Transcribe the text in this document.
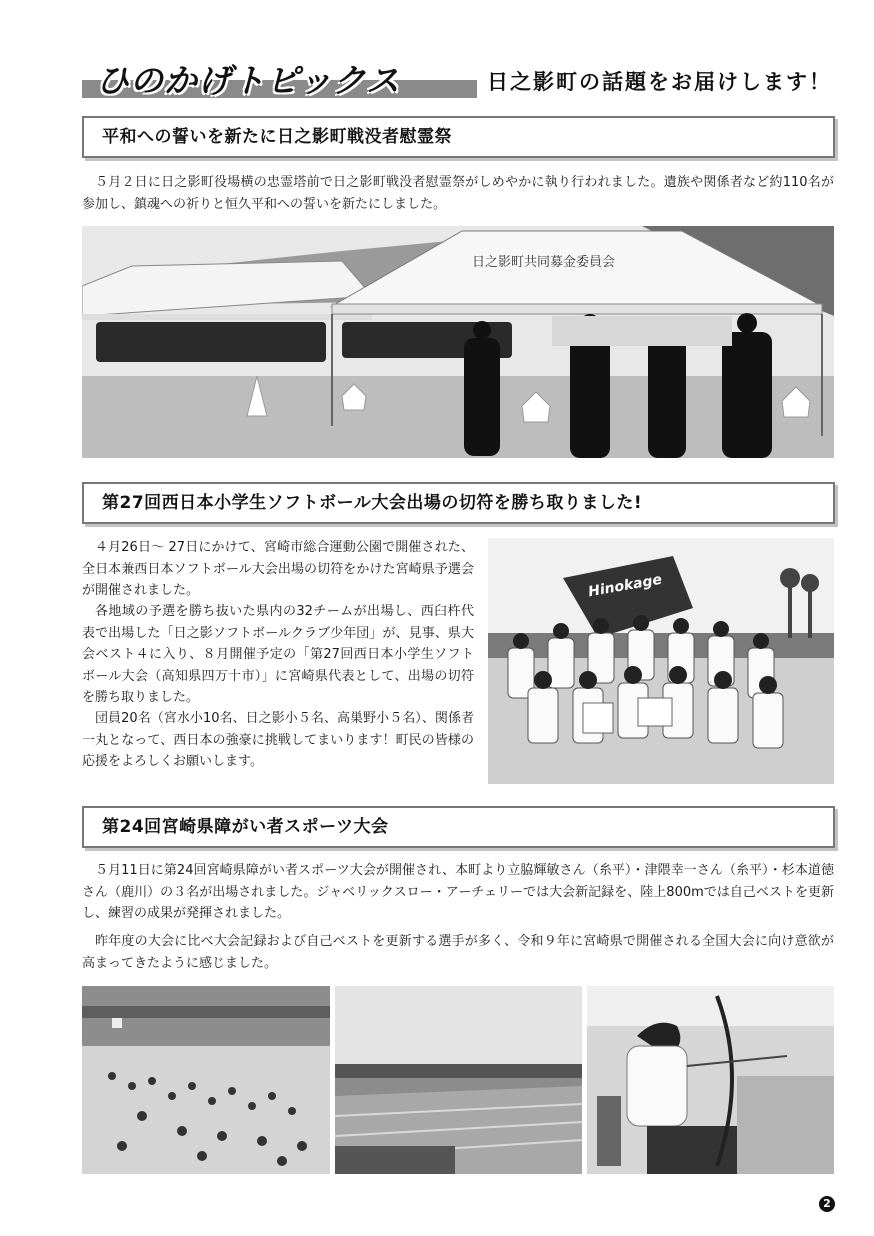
ひのかげトピックス	日之影町の話題をお届けします！
平和への誓いを新たに日之影町戦没者慰霊祭
５月２日に日之影町役場横の忠霊塔前で日之影町戦没者慰霊祭がしめやかに執り行われました。遺族や関係者など約110名が参加し、鎮魂への祈りと恒久平和への誓いを新たにしました。
日之影町共同募金委員会
第27回西日本小学生ソフトボール大会出場の切符を勝ち取りました!
４月26日～ 27日にかけて、宮崎市総合運動公園で開催された、全日本兼西日本ソフトボール大会出場の切符をかけた宮崎県予選会が開催されました。
各地域の予選を勝ち抜いた県内の32チームが出場し、西臼杵代表で出場した「日之影ソフトボールクラブ少年団」が、見事、県大会ベスト４に入り、８月開催予定の「第27回西日本小学生ソフトボール大会（高知県四万十市）」に宮崎県代表として、出場の切符を勝ち取りました。
団員20名（宮水小10名、日之影小５名、高巣野小５名）、関係者一丸となって、西日本の強豪に挑戦してまいります！町民の皆様の応援をよろしくお願いします。
Hinokage
第24回宮崎県障がい者スポーツ大会
５月11日に第24回宮崎県障がい者スポーツ大会が開催され、本町より立脇輝敏さん（糸平）・津隈幸一さん（糸平）・杉本道徳さん（鹿川）の３名が出場されました。ジャベリックスロー・アーチェリーでは大会新記録を、陸上800mでは自己ベストを更新し、練習の成果が発揮されました。
昨年度の大会に比べ大会記録および自己ベストを更新する選手が多く、令和９年に宮崎県で開催される全国大会に向け意欲が高まってきたように感じました。
2
